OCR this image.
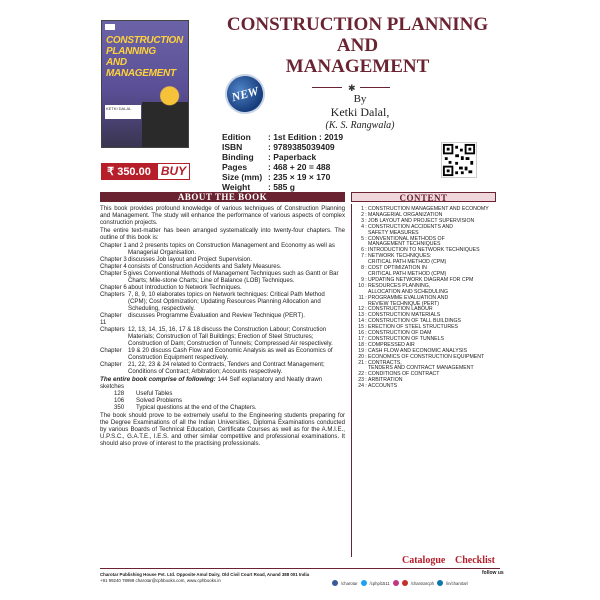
CONSTRUCTION
PLANNING
AND
MANAGEMENT
KETKI DALAL
NEW
CONSTRUCTION PLANNING
AND
MANAGEMENT
✱
By
Ketki Dalal,
(K. S. Rangwala)
₹ 350.00 BUY
Edition	: 1st Edition : 2019
ISBN	: 9789385039409
Binding	: Paperback
Pages	: 468 + 20 = 488
Size (mm) : 235 × 19 × 170
Weight	: 585 g
ABOUT THE BOOK	CONTENT

This book provides profound knowledge of various techniques of Construction Planning and Management. The study will enhance the performance of various aspects of complex construction projects.

The entire text-matter has been arranged systematically into twenty-four chapters. The outline of this book is:

Chapter 1 and 2 presents topics on Construction Management and Economy as well as Managerial Organisation.
Chapter 3 discusses Job layout and Project Supervision.
Chapter 4 consists of Construction Accidents and Safety Measures.
Chapter 5 gives Conventional Methods of Management Techniques such as Gantt or Bar Charts; Mile-stone Charts; Line of Balance (LOB) Techniques.
Chapter 6 about Introduction to Network Techniques.
Chapters 7, 8, 9, 10 elaborates topics on Network techniques: Critical Path Method (CPM); Cost Optimization; Updating Resources Planning Allocation and Scheduling, respectively.
Chapter 11
discusses Programme Evaluation and Review Technique (PERT).
Chapters 12, 13, 14, 15, 16, 17 & 18 discuss the Construction Labour; Construction Materials; Construction of Tall Buildings; Erection of Steel Structures; Construction of Dam; Construction of Tunnels; Compressed Air respectively.
Chapter	19 & 20 discuss Cash Flow and Economic Analysis as well as Economics of Construction Equipment respectively.
Chapter	21, 22, 23 & 24 related to Contracts, Tenders and Contract Management; Conditions of Contract; Arbitration; Accounts respectively.
The entire book comprise of following: 144 Self explanatory and Neatly drawn sketches
128	Useful Tables
106	Solved Problems
350	Typical questions at the end of the Chapters.

The book should prove to be extremely useful to the Engineering students preparing for the Degree Examinations of all the Indian Universities, Diploma Examinations conducted by various Boards of Technical Education, Certificate Courses as well as for the A.M.I.E., U.P.S.C., G.A.T.E., I.E.S. and other similar competitive and professional examinations. It should also prove of interest to the practising professionals.

1 : CONSTRUCTION MANAGEMENT AND ECONOMY
2 : MANAGERIAL ORGANIZATION
3 : JOB LAYOUT AND PROJECT SUPERVISION
4 : CONSTRUCTION ACCIDENTS AND
SAFETY MEASURES
5 : CONVENTIONAL METHODS OF
MANAGEMENT TECHNIQUES
6 : INTRODUCTION TO NETWORK TECHNIQUES
7 : NETWORK TECHNIQUES:
CRITICAL PATH METHOD (CPM)
8 : COST OPTIMIZATION IN
CRITICAL PATH METHOD (CPM)
9 : UPDATING NETWORK DIAGRAM FOR CPM
10 : RESOURCES PLANNING,
ALLOCATION AND SCHEDULING
11 : PROGRAMME EVALUATION AND
REVIEW TECHNIQUE (PERT)
12 : CONSTRUCTION LABOUR
13 : CONSTRUCTION MATERIALS
14 : CONSTRUCTION OF TALL BUILDINGS
15 : ERECTION OF STEEL STRUCTURES
16 : CONSTRUCTION OF DAM
17 : CONSTRUCTION OF TUNNELS
18 : COMPRESSED AIR
19 : CASH FLOW AND ECONOMIC ANALYSIS
20 : ECONOMICS OF CONSTRUCTION EQUIPMENT
21 : CONTRACTS,
TENDERS AND CONTRACT MANAGEMENT
22 : CONDITIONS OF CONTRACT
23 : ARBITRATION
24 : ACCOUNTS
Catalogue Checklist
Charotar Publishing House Pvt. Ltd. Opposite Amul Dairy, Old Civil Court Road, Anand 388 001 India
+91 99240 78998 charotar@cphbooks.com, www.cphbooks.in
follow us
/charotar	/cphpl1511	/charotarcph	/in/charotar/
